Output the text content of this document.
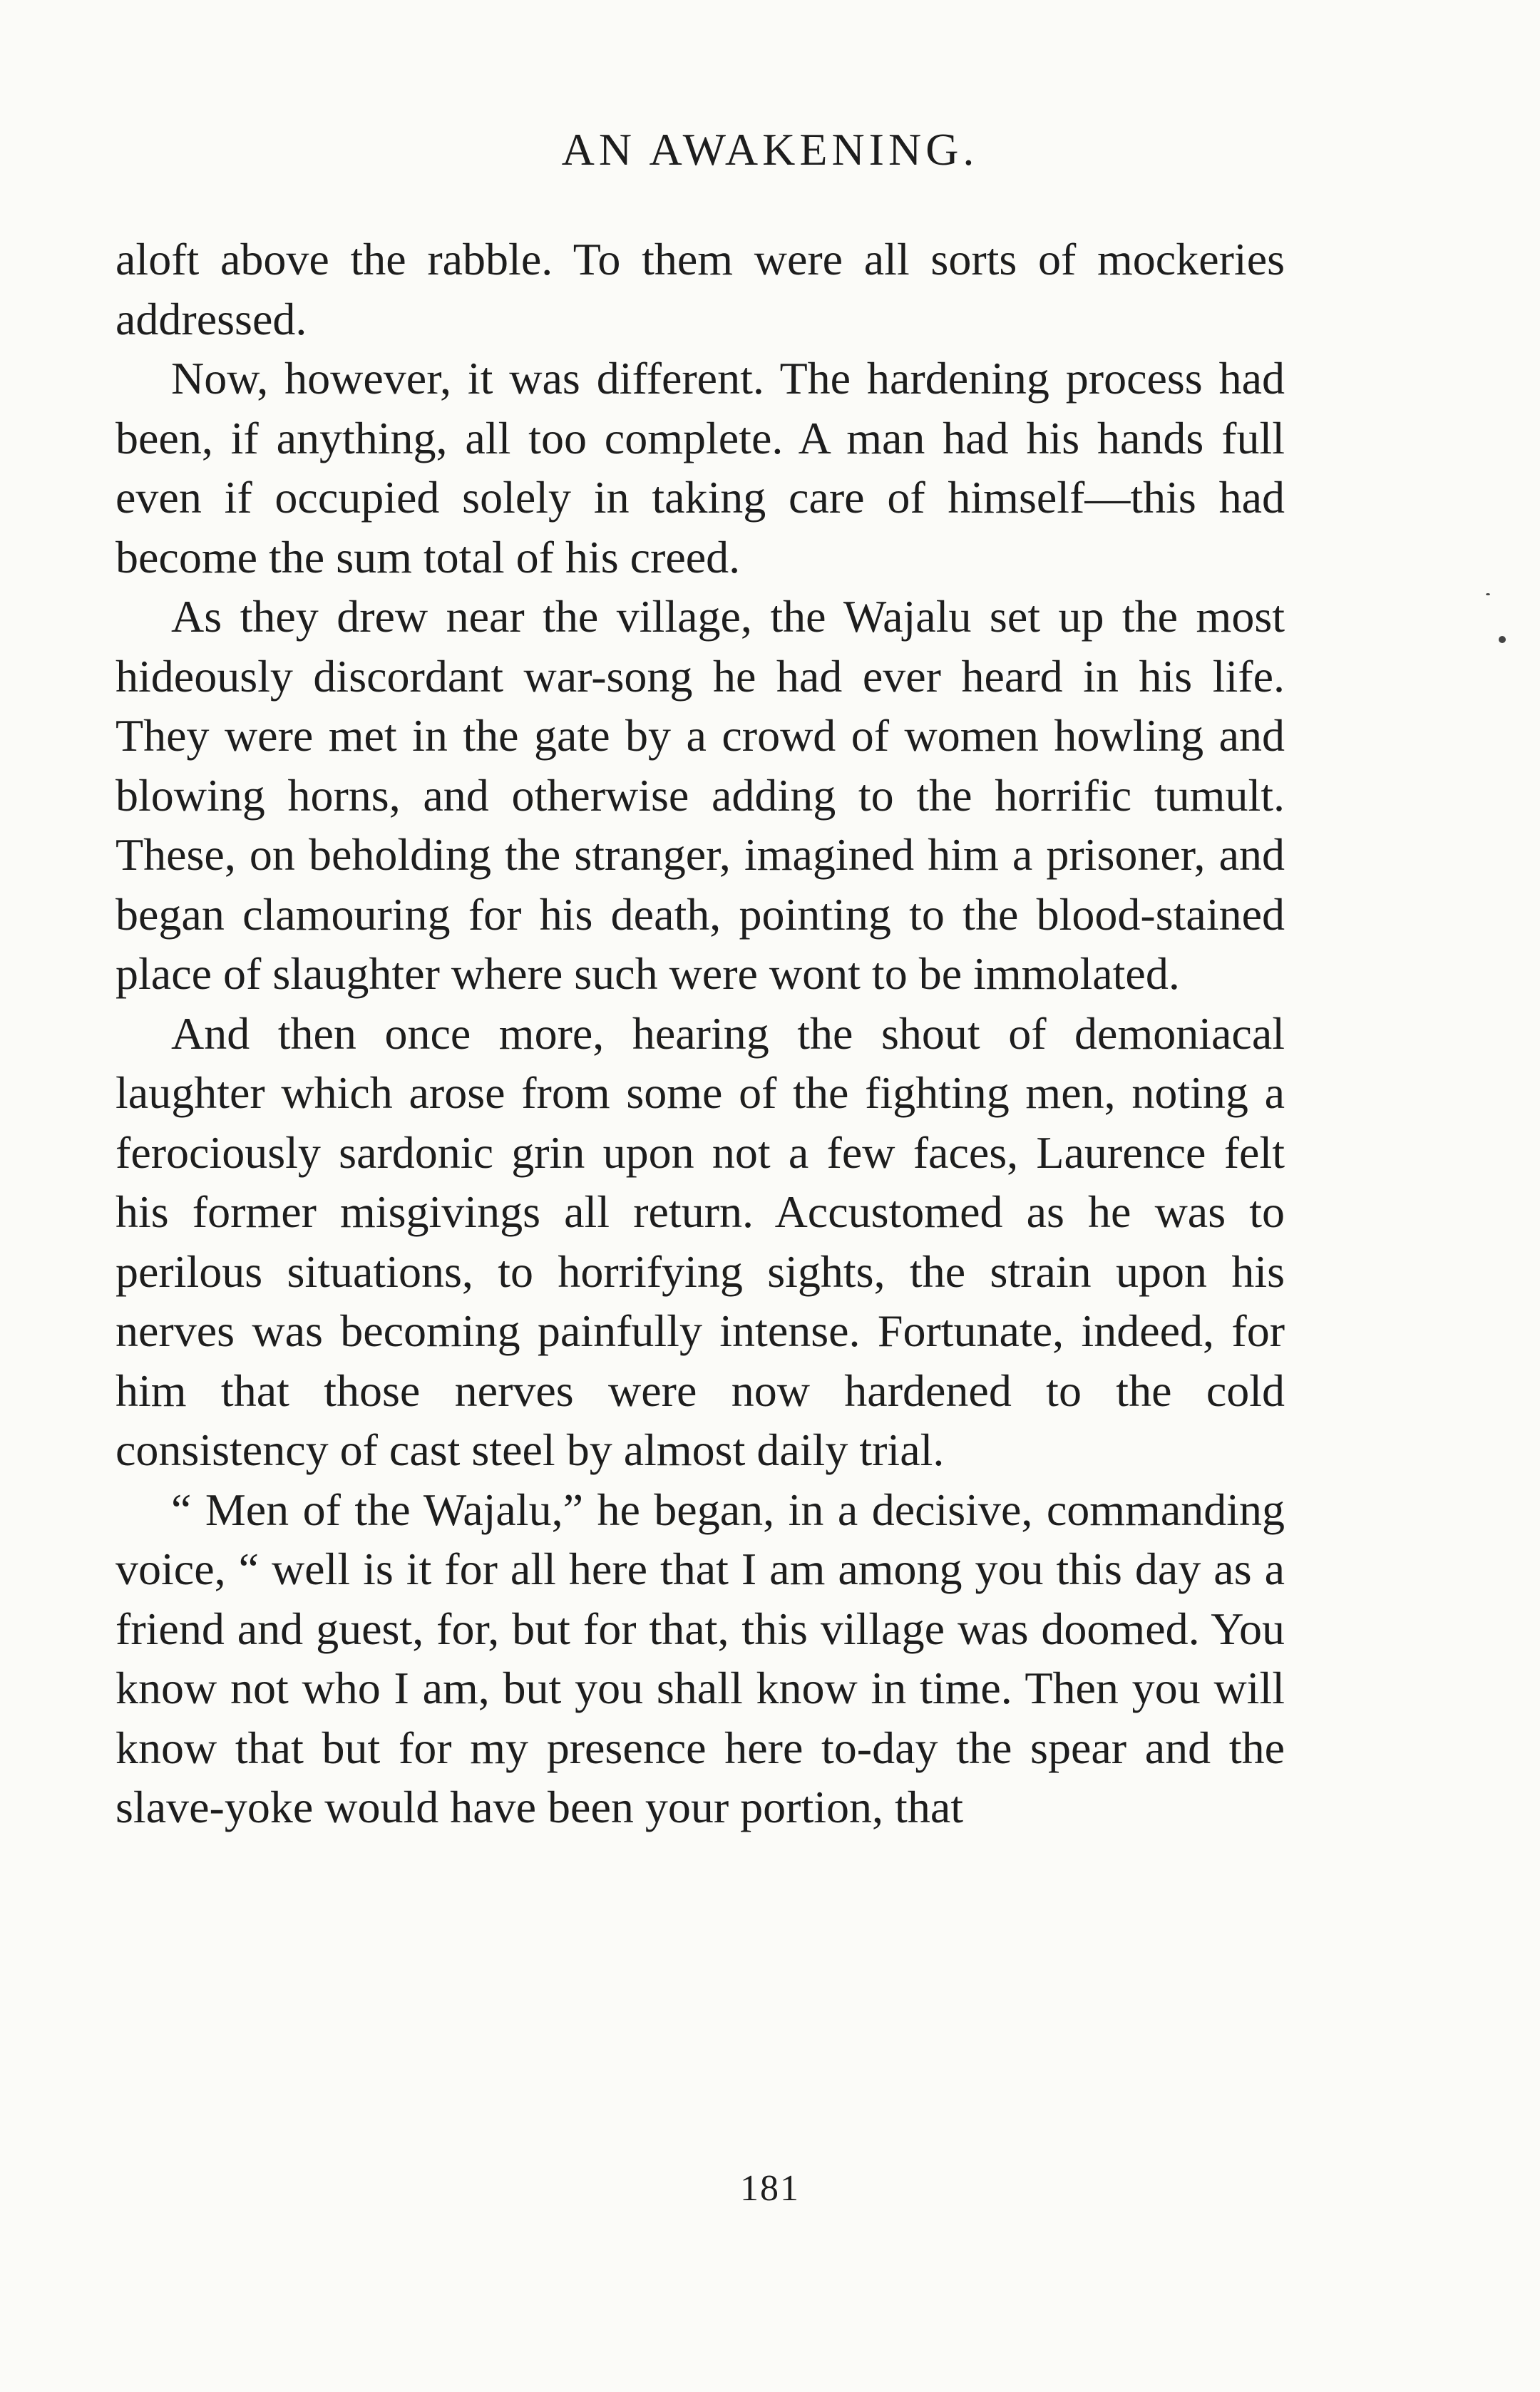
AN AWAKENING.

aloft above the rabble. To them were all sorts of mockeries addressed.

Now, however, it was different. The hardening process had been, if anything, all too complete. A man had his hands full even if occupied solely in taking care of himself—this had become the sum total of his creed.

As they drew near the village, the Wajalu set up the most hideously discordant war-song he had ever heard in his life. They were met in the gate by a crowd of women howling and blowing horns, and otherwise adding to the horrific tumult. These, on beholding the stranger, imagined him a prisoner, and began clamouring for his death, pointing to the blood-stained place of slaughter where such were wont to be immolated.

And then once more, hearing the shout of demoniacal laughter which arose from some of the fighting men, noting a ferociously sardonic grin upon not a few faces, Laurence felt his former misgivings all return. Accustomed as he was to perilous situations, to horrifying sights, the strain upon his nerves was becoming painfully intense. Fortunate, indeed, for him that those nerves were now hardened to the cold consistency of cast steel by almost daily trial.

“ Men of the Wajalu,” he began, in a decisive, commanding voice, “ well is it for all here that I am among you this day as a friend and guest, for, but for that, this village was doomed. You know not who I am, but you shall know in time. Then you will know that but for my presence here to-day the spear and the slave-yoke would have been your portion, that

181
